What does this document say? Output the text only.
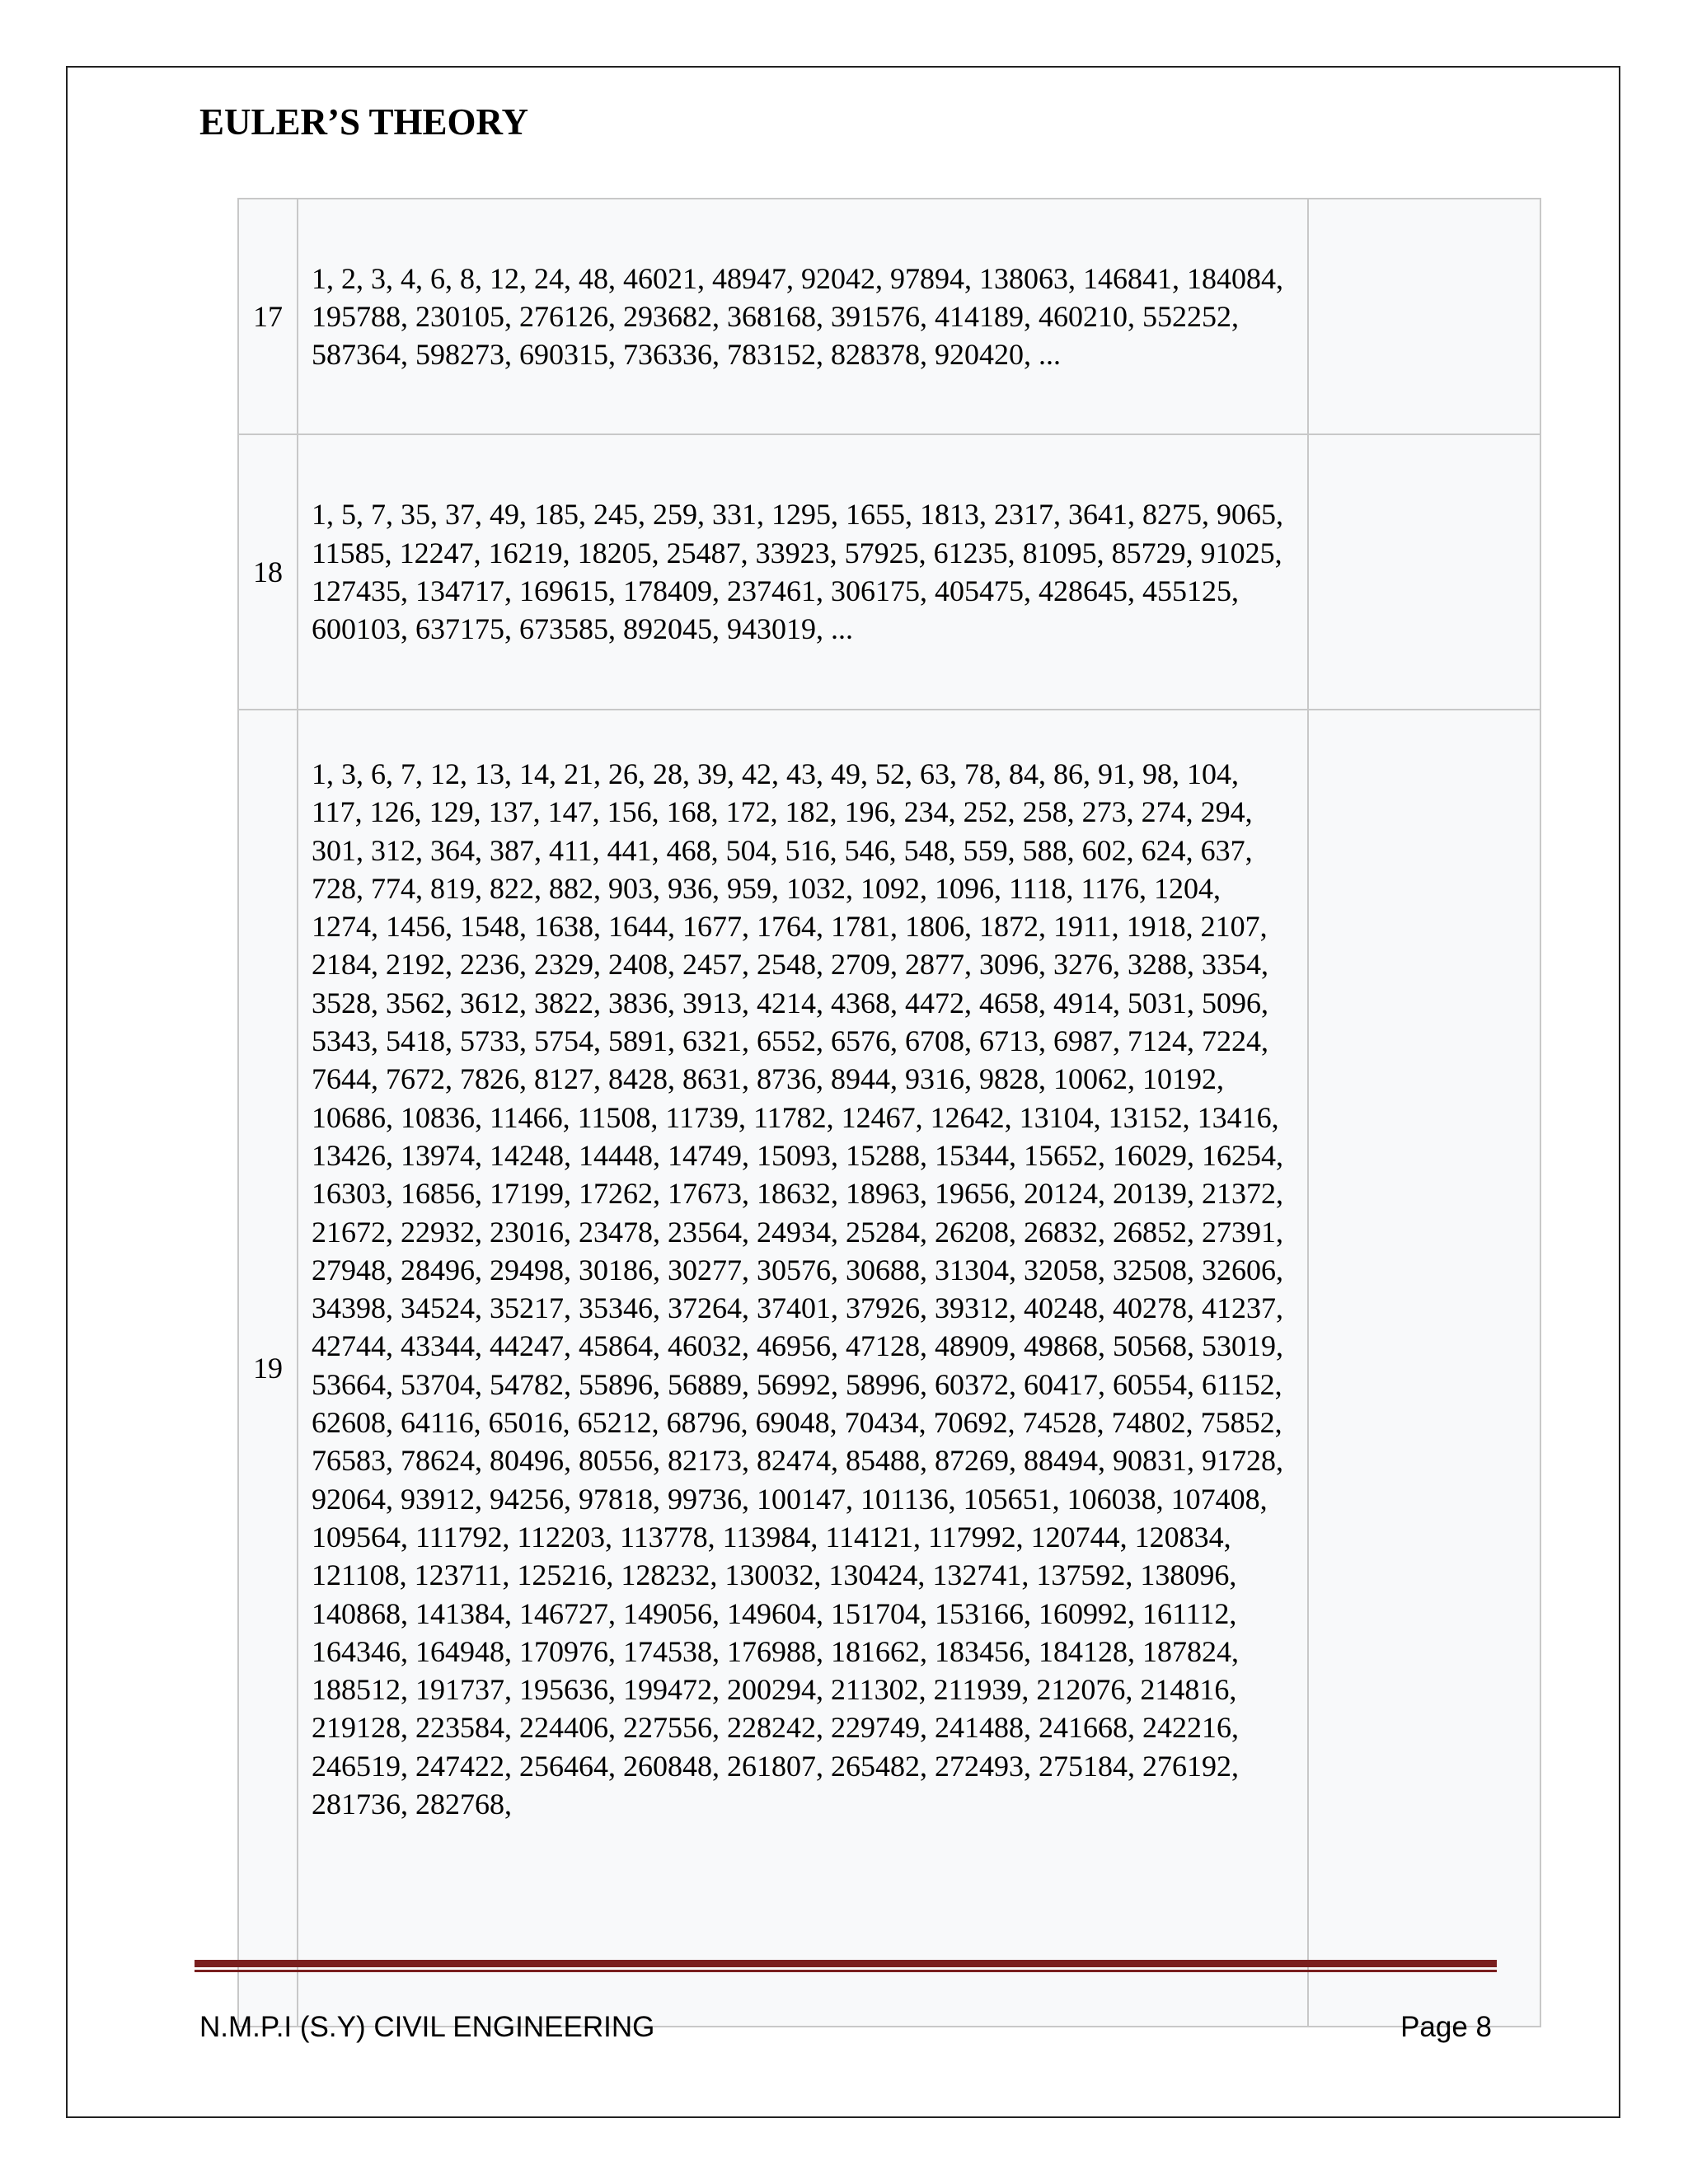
EULER’S THEORY
17	1, 2, 3, 4, 6, 8, 12, 24, 48, 46021, 48947, 92042, 97894, 138063, 146841, 184084, 195788, 230105, 276126, 293682, 368168, 391576, 414189, 460210, 552252, 587364, 598273, 690315, 736336, 783152, 828378, 920420, ...	
18	1, 5, 7, 35, 37, 49, 185, 245, 259, 331, 1295, 1655, 1813, 2317, 3641, 8275, 9065, 11585, 12247, 16219, 18205, 25487, 33923, 57925, 61235, 81095, 85729, 91025, 127435, 134717, 169615, 178409, 237461, 306175, 405475, 428645, 455125, 600103, 637175, 673585, 892045, 943019, ...	
19	1, 3, 6, 7, 12, 13, 14, 21, 26, 28, 39, 42, 43, 49, 52, 63, 78, 84, 86, 91, 98, 104, 117, 126, 129, 137, 147, 156, 168, 172, 182, 196, 234, 252, 258, 273, 274, 294, 301, 312, 364, 387, 411, 441, 468, 504, 516, 546, 548, 559, 588, 602, 624, 637, 728, 774, 819, 822, 882, 903, 936, 959, 1032, 1092, 1096, 1118, 1176, 1204, 1274, 1456, 1548, 1638, 1644, 1677, 1764, 1781, 1806, 1872, 1911, 1918, 2107, 2184, 2192, 2236, 2329, 2408, 2457, 2548, 2709, 2877, 3096, 3276, 3288, 3354, 3528, 3562, 3612, 3822, 3836, 3913, 4214, 4368, 4472, 4658, 4914, 5031, 5096, 5343, 5418, 5733, 5754, 5891, 6321, 6552, 6576, 6708, 6713, 6987, 7124, 7224, 7644, 7672, 7826, 8127, 8428, 8631, 8736, 8944, 9316, 9828, 10062, 10192, 10686, 10836, 11466, 11508, 11739, 11782, 12467, 12642, 13104, 13152, 13416, 13426, 13974, 14248, 14448, 14749, 15093, 15288, 15344, 15652, 16029, 16254, 16303, 16856, 17199, 17262, 17673, 18632, 18963, 19656, 20124, 20139, 21372, 21672, 22932, 23016, 23478, 23564, 24934, 25284, 26208, 26832, 26852, 27391, 27948, 28496, 29498, 30186, 30277, 30576, 30688, 31304, 32058, 32508, 32606, 34398, 34524, 35217, 35346, 37264, 37401, 37926, 39312, 40248, 40278, 41237, 42744, 43344, 44247, 45864, 46032, 46956, 47128, 48909, 49868, 50568, 53019, 53664, 53704, 54782, 55896, 56889, 56992, 58996, 60372, 60417, 60554, 61152, 62608, 64116, 65016, 65212, 68796, 69048, 70434, 70692, 74528, 74802, 75852, 76583, 78624, 80496, 80556, 82173, 82474, 85488, 87269, 88494, 90831, 91728, 92064, 93912, 94256, 97818, 99736, 100147, 101136, 105651, 106038, 107408, 109564, 111792, 112203, 113778, 113984, 114121, 117992, 120744, 120834, 121108, 123711, 125216, 128232, 130032, 130424, 132741, 137592, 138096, 140868, 141384, 146727, 149056, 149604, 151704, 153166, 160992, 161112, 164346, 164948, 170976, 174538, 176988, 181662, 183456, 184128, 187824, 188512, 191737, 195636, 199472, 200294, 211302, 211939, 212076, 214816, 219128, 223584, 224406, 227556, 228242, 229749, 241488, 241668, 242216, 246519, 247422, 256464, 260848, 261807, 265482, 272493, 275184, 276192, 281736, 282768,	
N.M.P.I (S.Y) CIVIL ENGINEERING	Page 8
